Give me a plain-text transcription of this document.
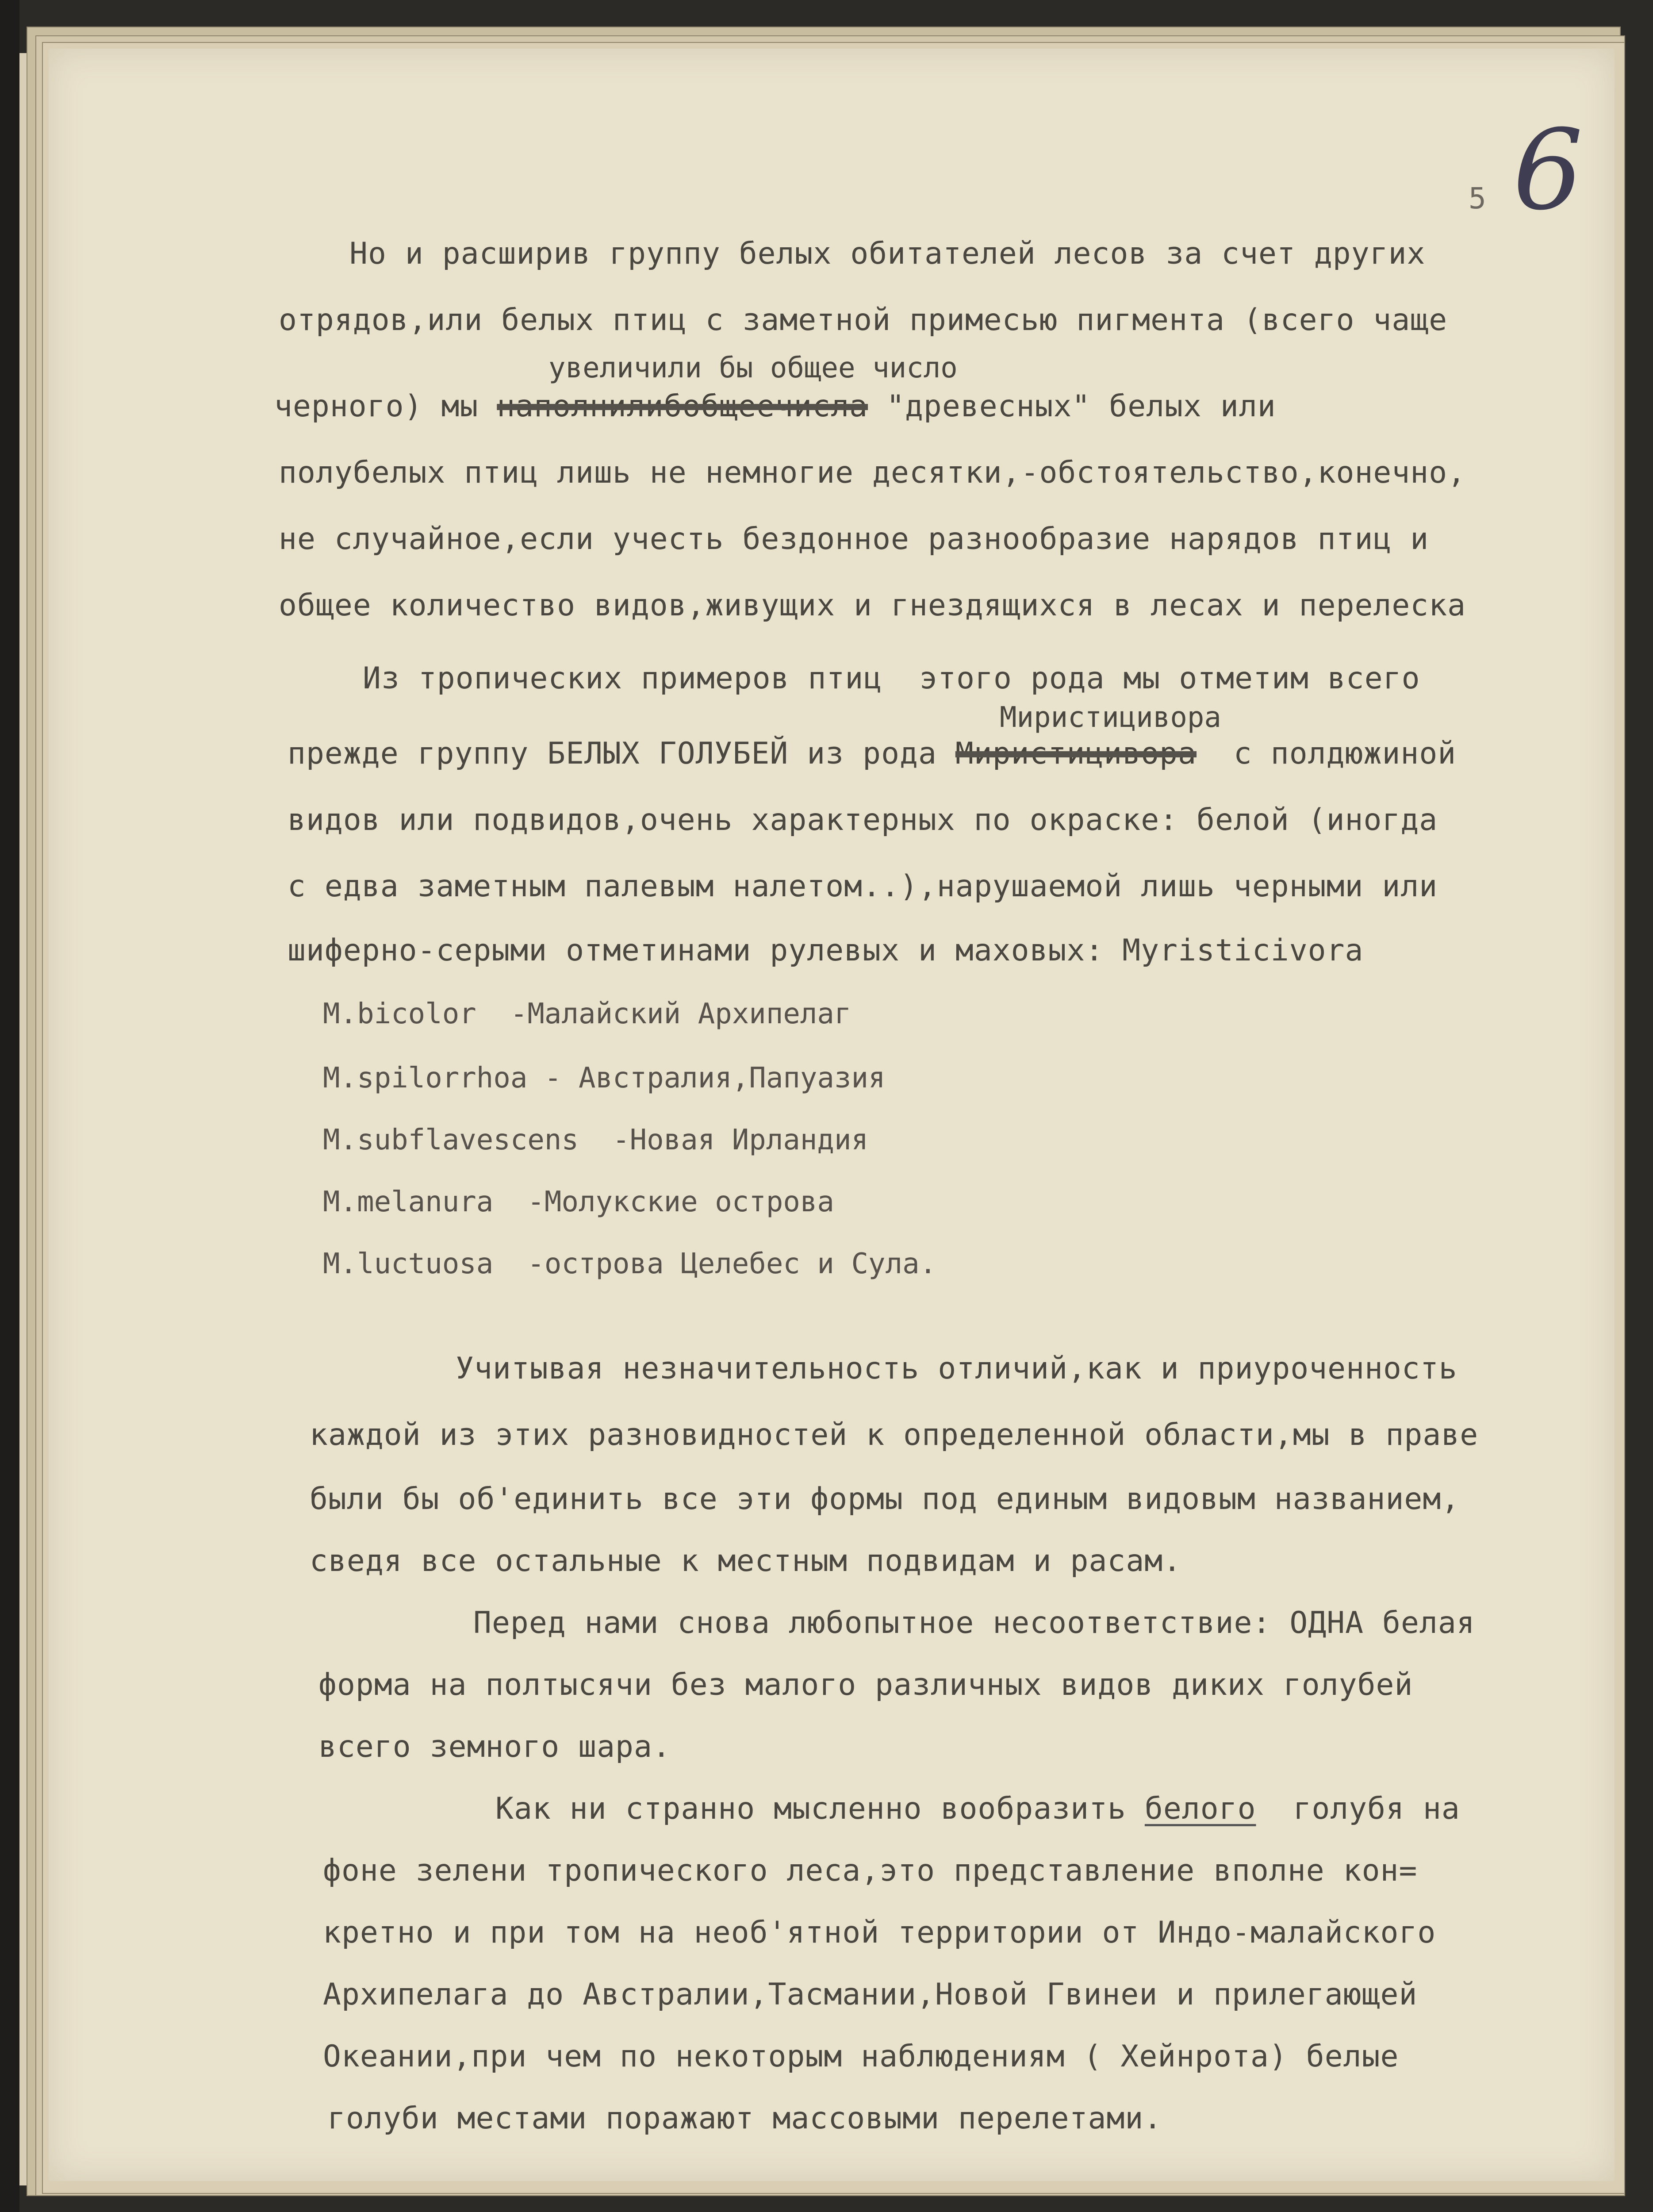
5 6
Но и расширив группу белых обитателей лесов за счет других
отрядов,или белых птиц с заметной примесью пигмента (всего чаще
увеличили бы общее число
черного) мы наполнилибобщеечисла "древесных" белых или
полубелых птиц лишь не немногие десятки,-обстоятельство,конечно,
не случайное,если учесть бездонное разнообразие нарядов птиц и
общее количество видов,живущих и гнездящихся в лесах и перелеска
Из тропических примеров птиц  этого рода мы отметим всего
Миристицивора
прежде группу БЕЛЫХ ГОЛУБЕЙ из рода Миристицивора  с полдюжиной
видов или подвидов,очень характерных по окраске: белой (иногда
с едва заметным палевым налетом..),нарушаемой лишь черными или
шиферно-серыми отметинами рулевых и маховых: Myristicivora
M.bicolor  -Малайский Архипелаг
M.spilorrhoa - Австралия,Папуазия
M.subflavescens  -Новая Ирландия
M.melanura  -Молукские острова
M.luctuosa  -острова Целебес и Сула.
Учитывая незначительность отличий,как и приуроченность
каждой из этих разновидностей к определенной области,мы в праве
были бы об'единить все эти формы под единым видовым названием,
сведя все остальные к местным подвидам и расам.
Перед нами снова любопытное несоответствие: ОДНА белая
форма на полтысячи без малого различных видов диких голубей
всего земного шара.
Как ни странно мысленно вообразить белого  голубя на
фоне зелени тропического леса,это представление вполне кон=
кретно и при том на необ'ятной территории от Индо-малайского
Архипелага до Австралии,Тасмании,Новой Гвинеи и прилегающей
Океании,при чем по некоторым наблюдениям ( Хейнрота) белые
голуби местами поражают массовыми перелетами.
